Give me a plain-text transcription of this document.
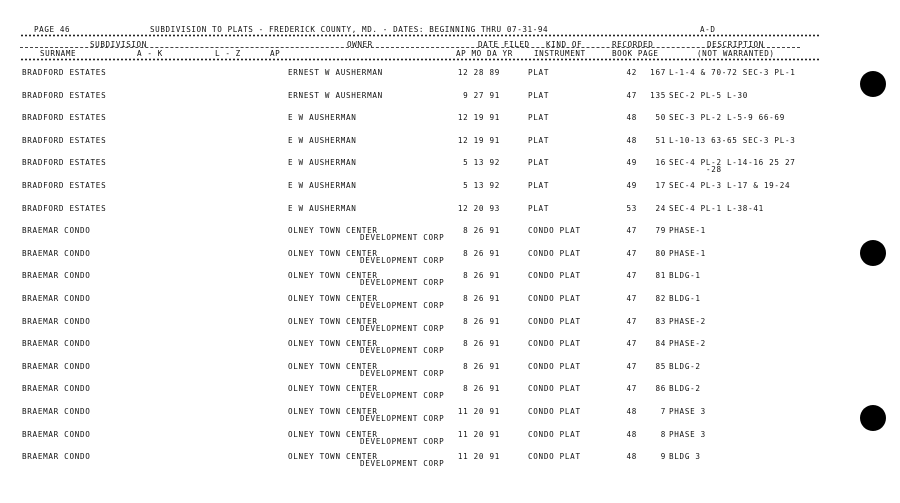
PAGE 46	SUBDIVISION TO PLATS - FREDERICK COUNTY, MD. - DATES: BEGINNING THRU 07-31-94	A-D
SUBDIVISION	OWNER	DATE FILED KIND OF	RECORDED	DESCRIPTION
SURNAME	A - K	L - Z	AP	AP MO DA YR	INSTRUMENT	BOOK PAGE	(NOT WARRANTED)
BRADFORD ESTATES	ERNEST W AUSHERMAN	12 28 89	PLAT	42	167 L-1-4 & 70-72 SEC-3 PL-1
BRADFORD ESTATES	ERNEST W AUSHERMAN	9 27 91	PLAT	47	135 SEC-2 PL-5 L-30
BRADFORD ESTATES	E W AUSHERMAN	12 19 91	PLAT	48	50 SEC-3 PL-2 L-5-9 66-69
BRADFORD ESTATES	E W AUSHERMAN	12 19 91	PLAT	48	51 L-10-13 63-65 SEC-3 PL-3
BRADFORD ESTATES	E W AUSHERMAN	5 13 92	PLAT	49	16 SEC-4 PL-2 L-14-16 25 27
-28
BRADFORD ESTATES	E W AUSHERMAN	5 13 92	PLAT	49	17 SEC-4 PL-3 L-17 & 19-24
BRADFORD ESTATES	E W AUSHERMAN	12 20 93	PLAT	53	24 SEC-4 PL-1 L-38-41
BRAEMAR CONDO	OLNEY TOWN CENTER	8 26 91	CONDO PLAT	47	79 PHASE-1
DEVELOPMENT CORP
BRAEMAR CONDO	OLNEY TOWN CENTER	8 26 91	CONDO PLAT	47	80 PHASE-1
DEVELOPMENT CORP
BRAEMAR CONDO	OLNEY TOWN CENTER	8 26 91	CONDO PLAT	47	81 BLDG-1
DEVELOPMENT CORP
BRAEMAR CONDO	OLNEY TOWN CENTER	8 26 91	CONDO PLAT	47	82 BLDG-1
DEVELOPMENT CORP
BRAEMAR CONDO	OLNEY TOWN CENTER	8 26 91	CONDO PLAT	47	83 PHASE-2
DEVELOPMENT CORP
BRAEMAR CONDO	OLNEY TOWN CENTER	8 26 91	CONDO PLAT	47	84 PHASE-2
DEVELOPMENT CORP
BRAEMAR CONDO	OLNEY TOWN CENTER	8 26 91	CONDO PLAT	47	85 BLDG-2
DEVELOPMENT CORP
BRAEMAR CONDO	OLNEY TOWN CENTER	8 26 91	CONDO PLAT	47	86 BLDG-2
DEVELOPMENT CORP
BRAEMAR CONDO	OLNEY TOWN CENTER	11 20 91	CONDO PLAT	48	7 PHASE 3
DEVELOPMENT CORP
BRAEMAR CONDO	OLNEY TOWN CENTER	11 20 91	CONDO PLAT	48	8 PHASE 3
DEVELOPMENT CORP
BRAEMAR CONDO	OLNEY TOWN CENTER	11 20 91	CONDO PLAT	48	9 BLDG 3
DEVELOPMENT CORP
